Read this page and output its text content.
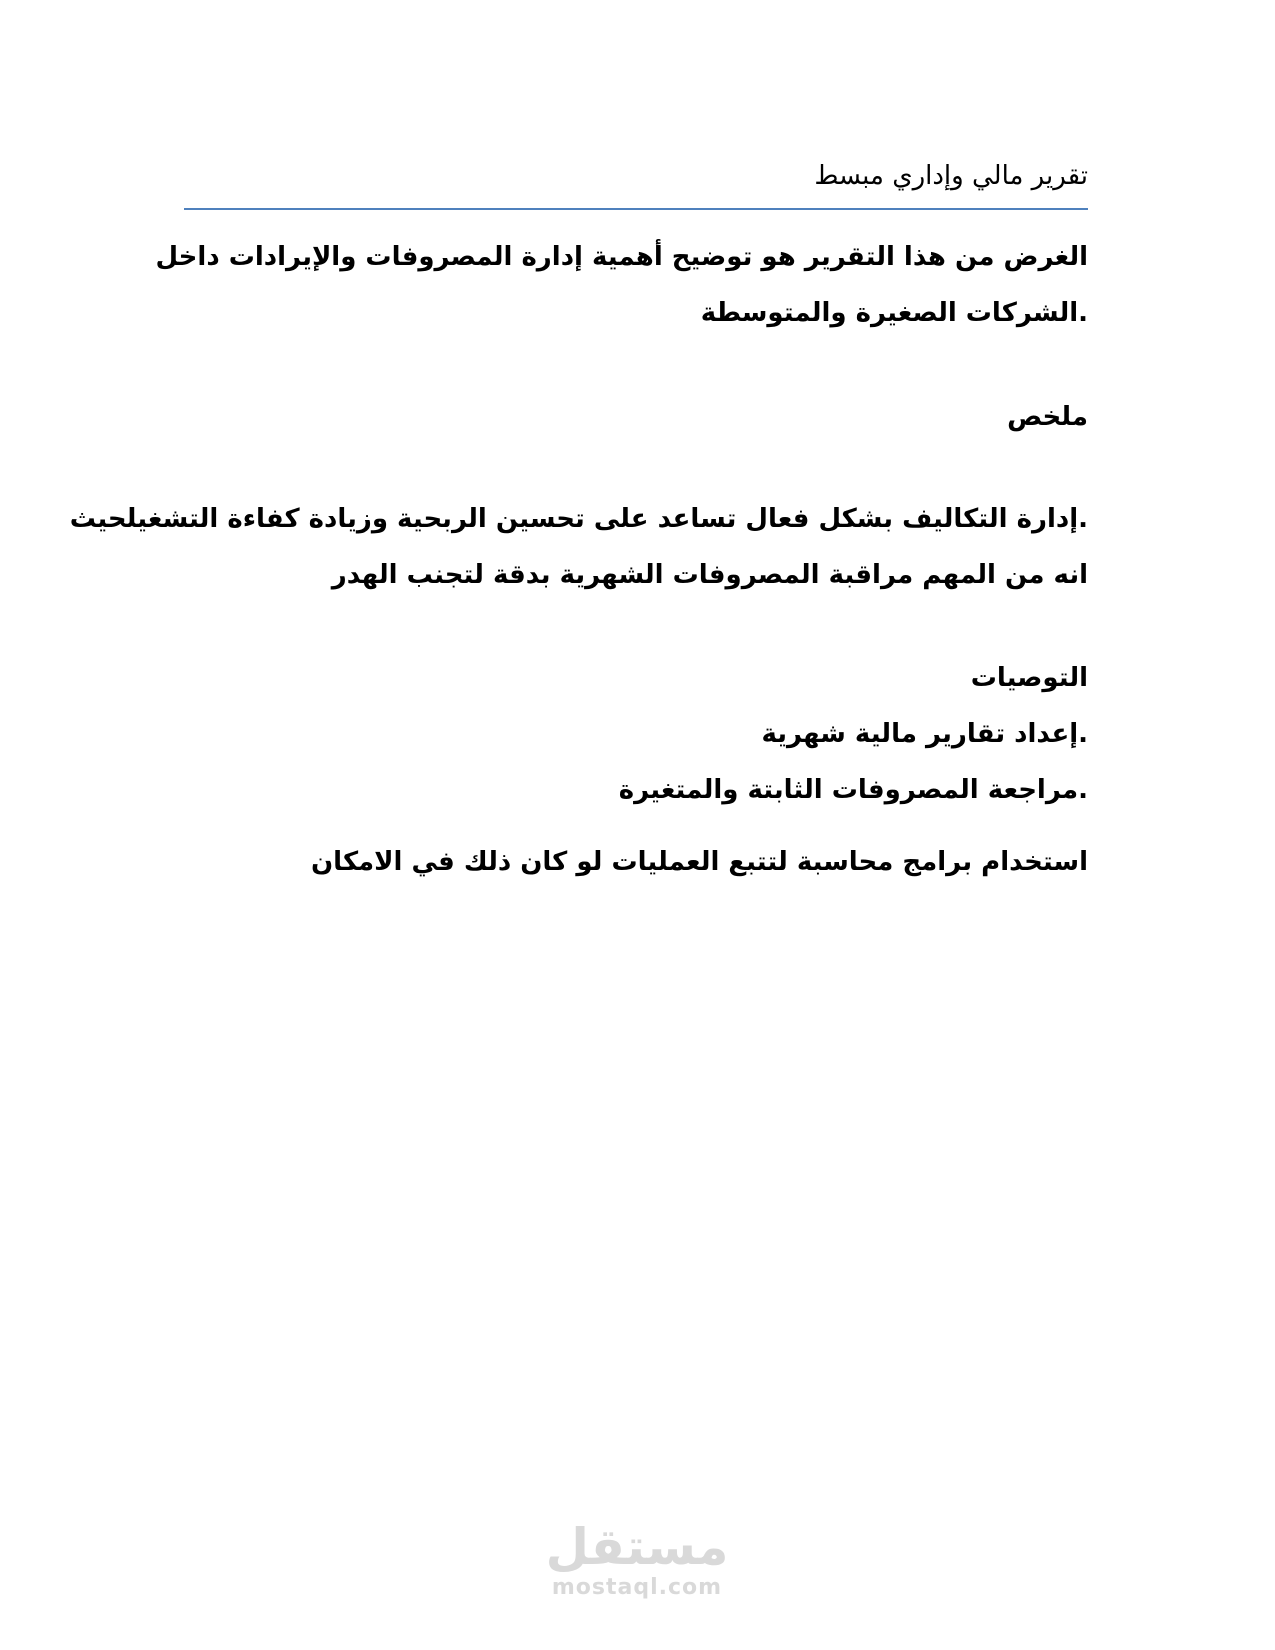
تقرير مالي وإداري مبسط
الغرض من هذا التقرير هو توضيح أهمية إدارة المصروفات والإيرادات داخل
.الشركات الصغيرة والمتوسطة
ملخص
.إدارة التكاليف بشكل فعال تساعد على تحسين الربحية وزيادة كفاءة التشغيلحيث
انه من المهم مراقبة المصروفات الشهرية بدقة لتجنب الهدر
التوصيات
.إعداد تقارير مالية شهرية
.مراجعة المصروفات الثابتة والمتغيرة
استخدام برامج محاسبة لتتبع العمليات لو كان ذلك في الامكان
مستقل
mostaql.com
